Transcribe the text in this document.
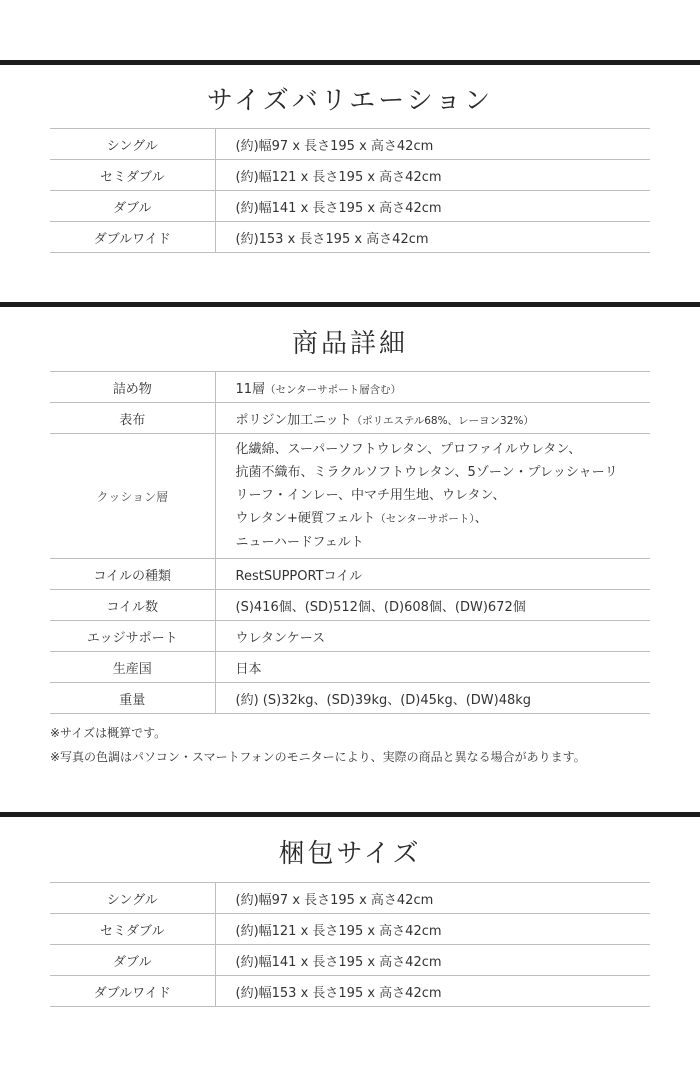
サイズバリエーション
シングル	(約)幅97 x 長さ195 x 高さ42cm
セミダブル	(約)幅121 x 長さ195 x 高さ42cm
ダブル	(約)幅141 x 長さ195 x 高さ42cm
ダブルワイド	(約)153 x 長さ195 x 高さ42cm
商品詳細
詰め物	11層（センターサポート層含む）
表布	ポリジン加工ニット（ポリエステル68%、レーヨン32%）
クッション層	化繊綿、スーパーソフトウレタン、プロファイルウレタン、
抗菌不織布、ミラクルソフトウレタン、5ゾーン・プレッシャーリ
リーフ・インレー、中マチ用生地、ウレタン、
ウレタン+硬質フェルト（センターサポート）、
ニューハードフェルト

コイルの種類	RestSUPPORTコイル
コイル数	(S)416個、(SD)512個、(D)608個、(DW)672個
エッジサポート	ウレタンケース
生産国	日本
重量	(約) (S)32kg、(SD)39kg、(D)45kg、(DW)48kg
※サイズは概算です。
※写真の色調はパソコン・スマートフォンのモニターにより、実際の商品と異なる場合があります。
梱包サイズ
シングル	(約)幅97 x 長さ195 x 高さ42cm
セミダブル	(約)幅121 x 長さ195 x 高さ42cm
ダブル	(約)幅141 x 長さ195 x 高さ42cm
ダブルワイド	(約)幅153 x 長さ195 x 高さ42cm
